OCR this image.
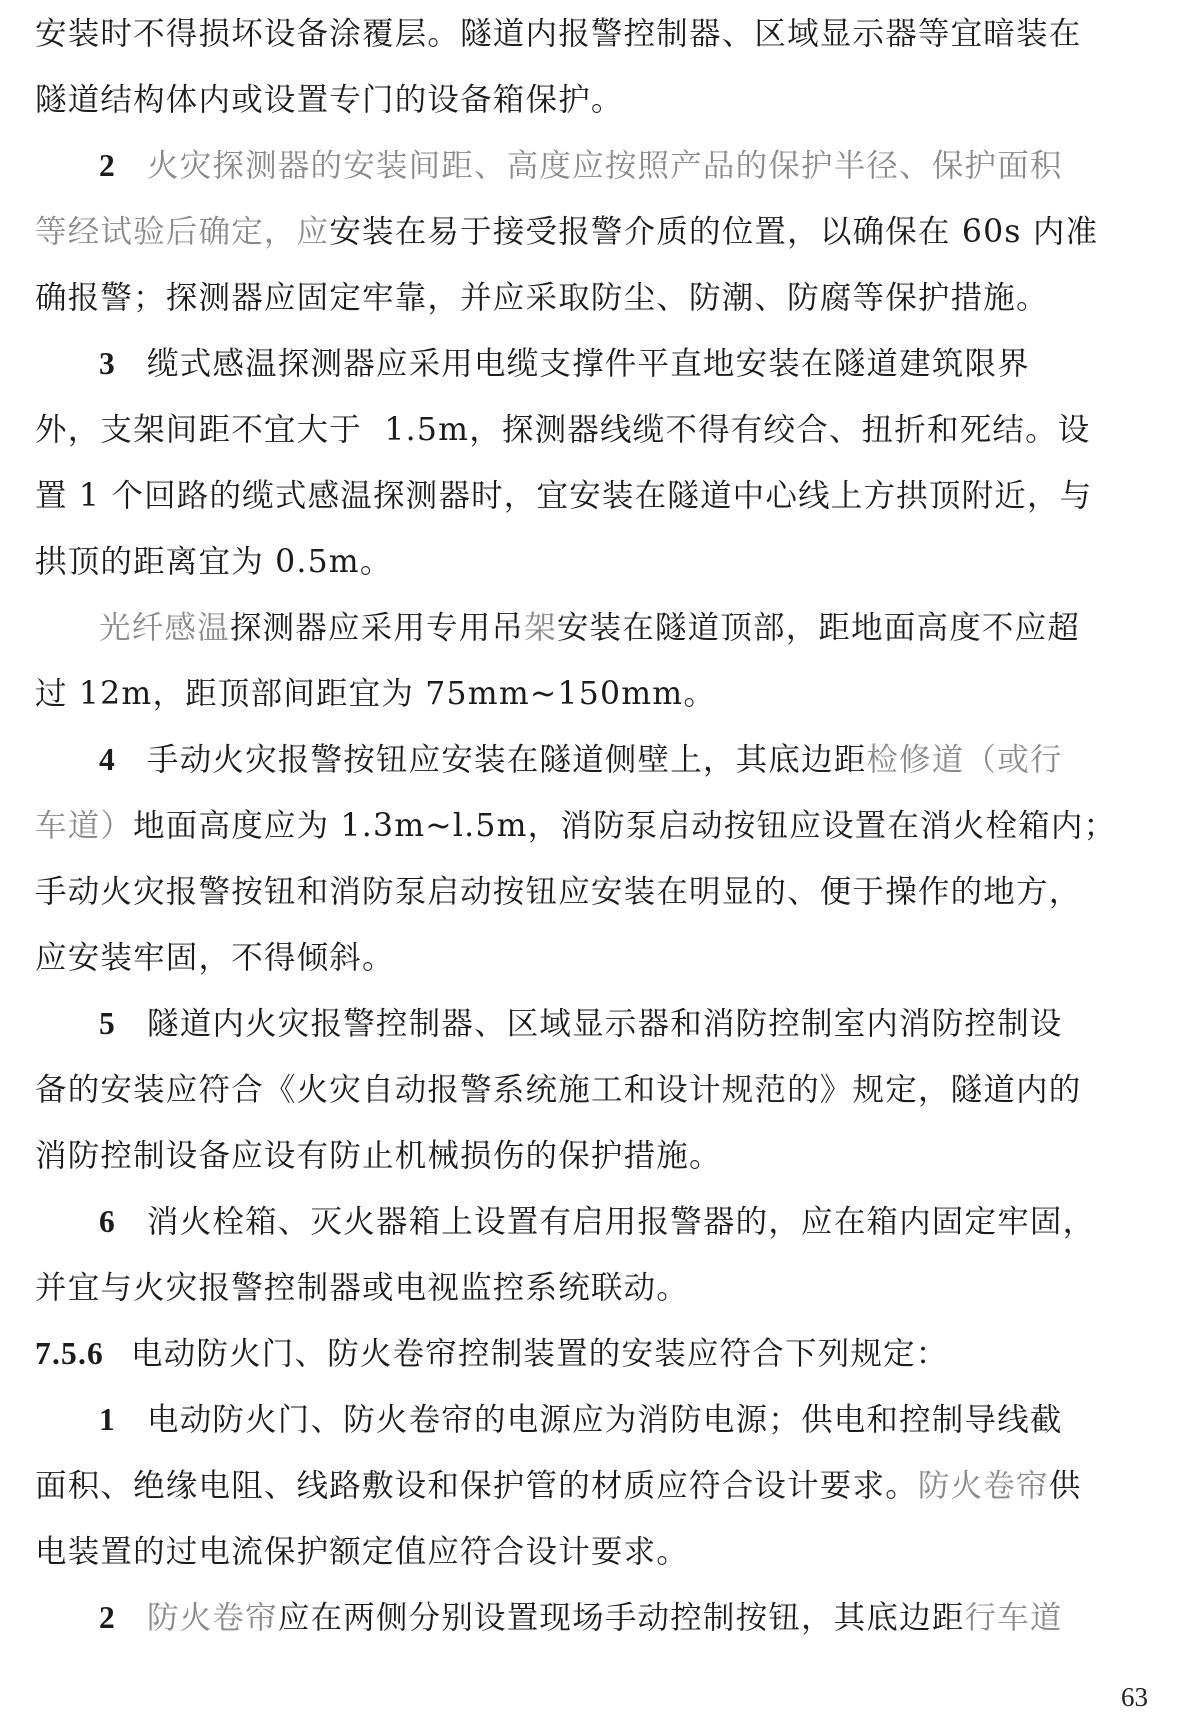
安装时不得损坏设备涂覆层。隧道内报警控制器、区域显示器等宜暗装在
隧道结构体内或设置专门的设备箱保护。
2 火灾探测器的安装间距、高度应按照产品的保护半径、保护面积
等经试验后确定，应安装在易于接受报警介质的位置，以确保在 60s 内准
确报警；探测器应固定牢靠，并应采取防尘、防潮、防腐等保护措施。
3 缆式感温探测器应采用电缆支撑件平直地安装在隧道建筑限界
外，支架间距不宜大于  1.5m，探测器线缆不得有绞合、扭折和死结。设
置 1 个回路的缆式感温探测器时，宜安装在隧道中心线上方拱顶附近，与
拱顶的距离宜为 0.5m。
光纤感温探测器应采用专用吊架安装在隧道顶部，距地面高度不应超
过 12m，距顶部间距宜为 75mm~150mm。
4 手动火灾报警按钮应安装在隧道侧壁上，其底边距检修道（或行
车道）地面高度应为 1.3m~l.5m，消防泵启动按钮应设置在消火栓箱内；
手动火灾报警按钮和消防泵启动按钮应安装在明显的、便于操作的地方，
应安装牢固，不得倾斜。
5 隧道内火灾报警控制器、区域显示器和消防控制室内消防控制设
备的安装应符合《火灾自动报警系统施工和设计规范的》规定，隧道内的
消防控制设备应设有防止机械损伤的保护措施。
6 消火栓箱、灭火器箱上设置有启用报警器的，应在箱内固定牢固，
并宜与火灾报警控制器或电视监控系统联动。
7.5.6 电动防火门、防火卷帘控制装置的安装应符合下列规定：
1 电动防火门、防火卷帘的电源应为消防电源；供电和控制导线截
面积、绝缘电阻、线路敷设和保护管的材质应符合设计要求。防火卷帘供
电装置的过电流保护额定值应符合设计要求。
2 防火卷帘应在两侧分别设置现场手动控制按钮，其底边距行车道
63
